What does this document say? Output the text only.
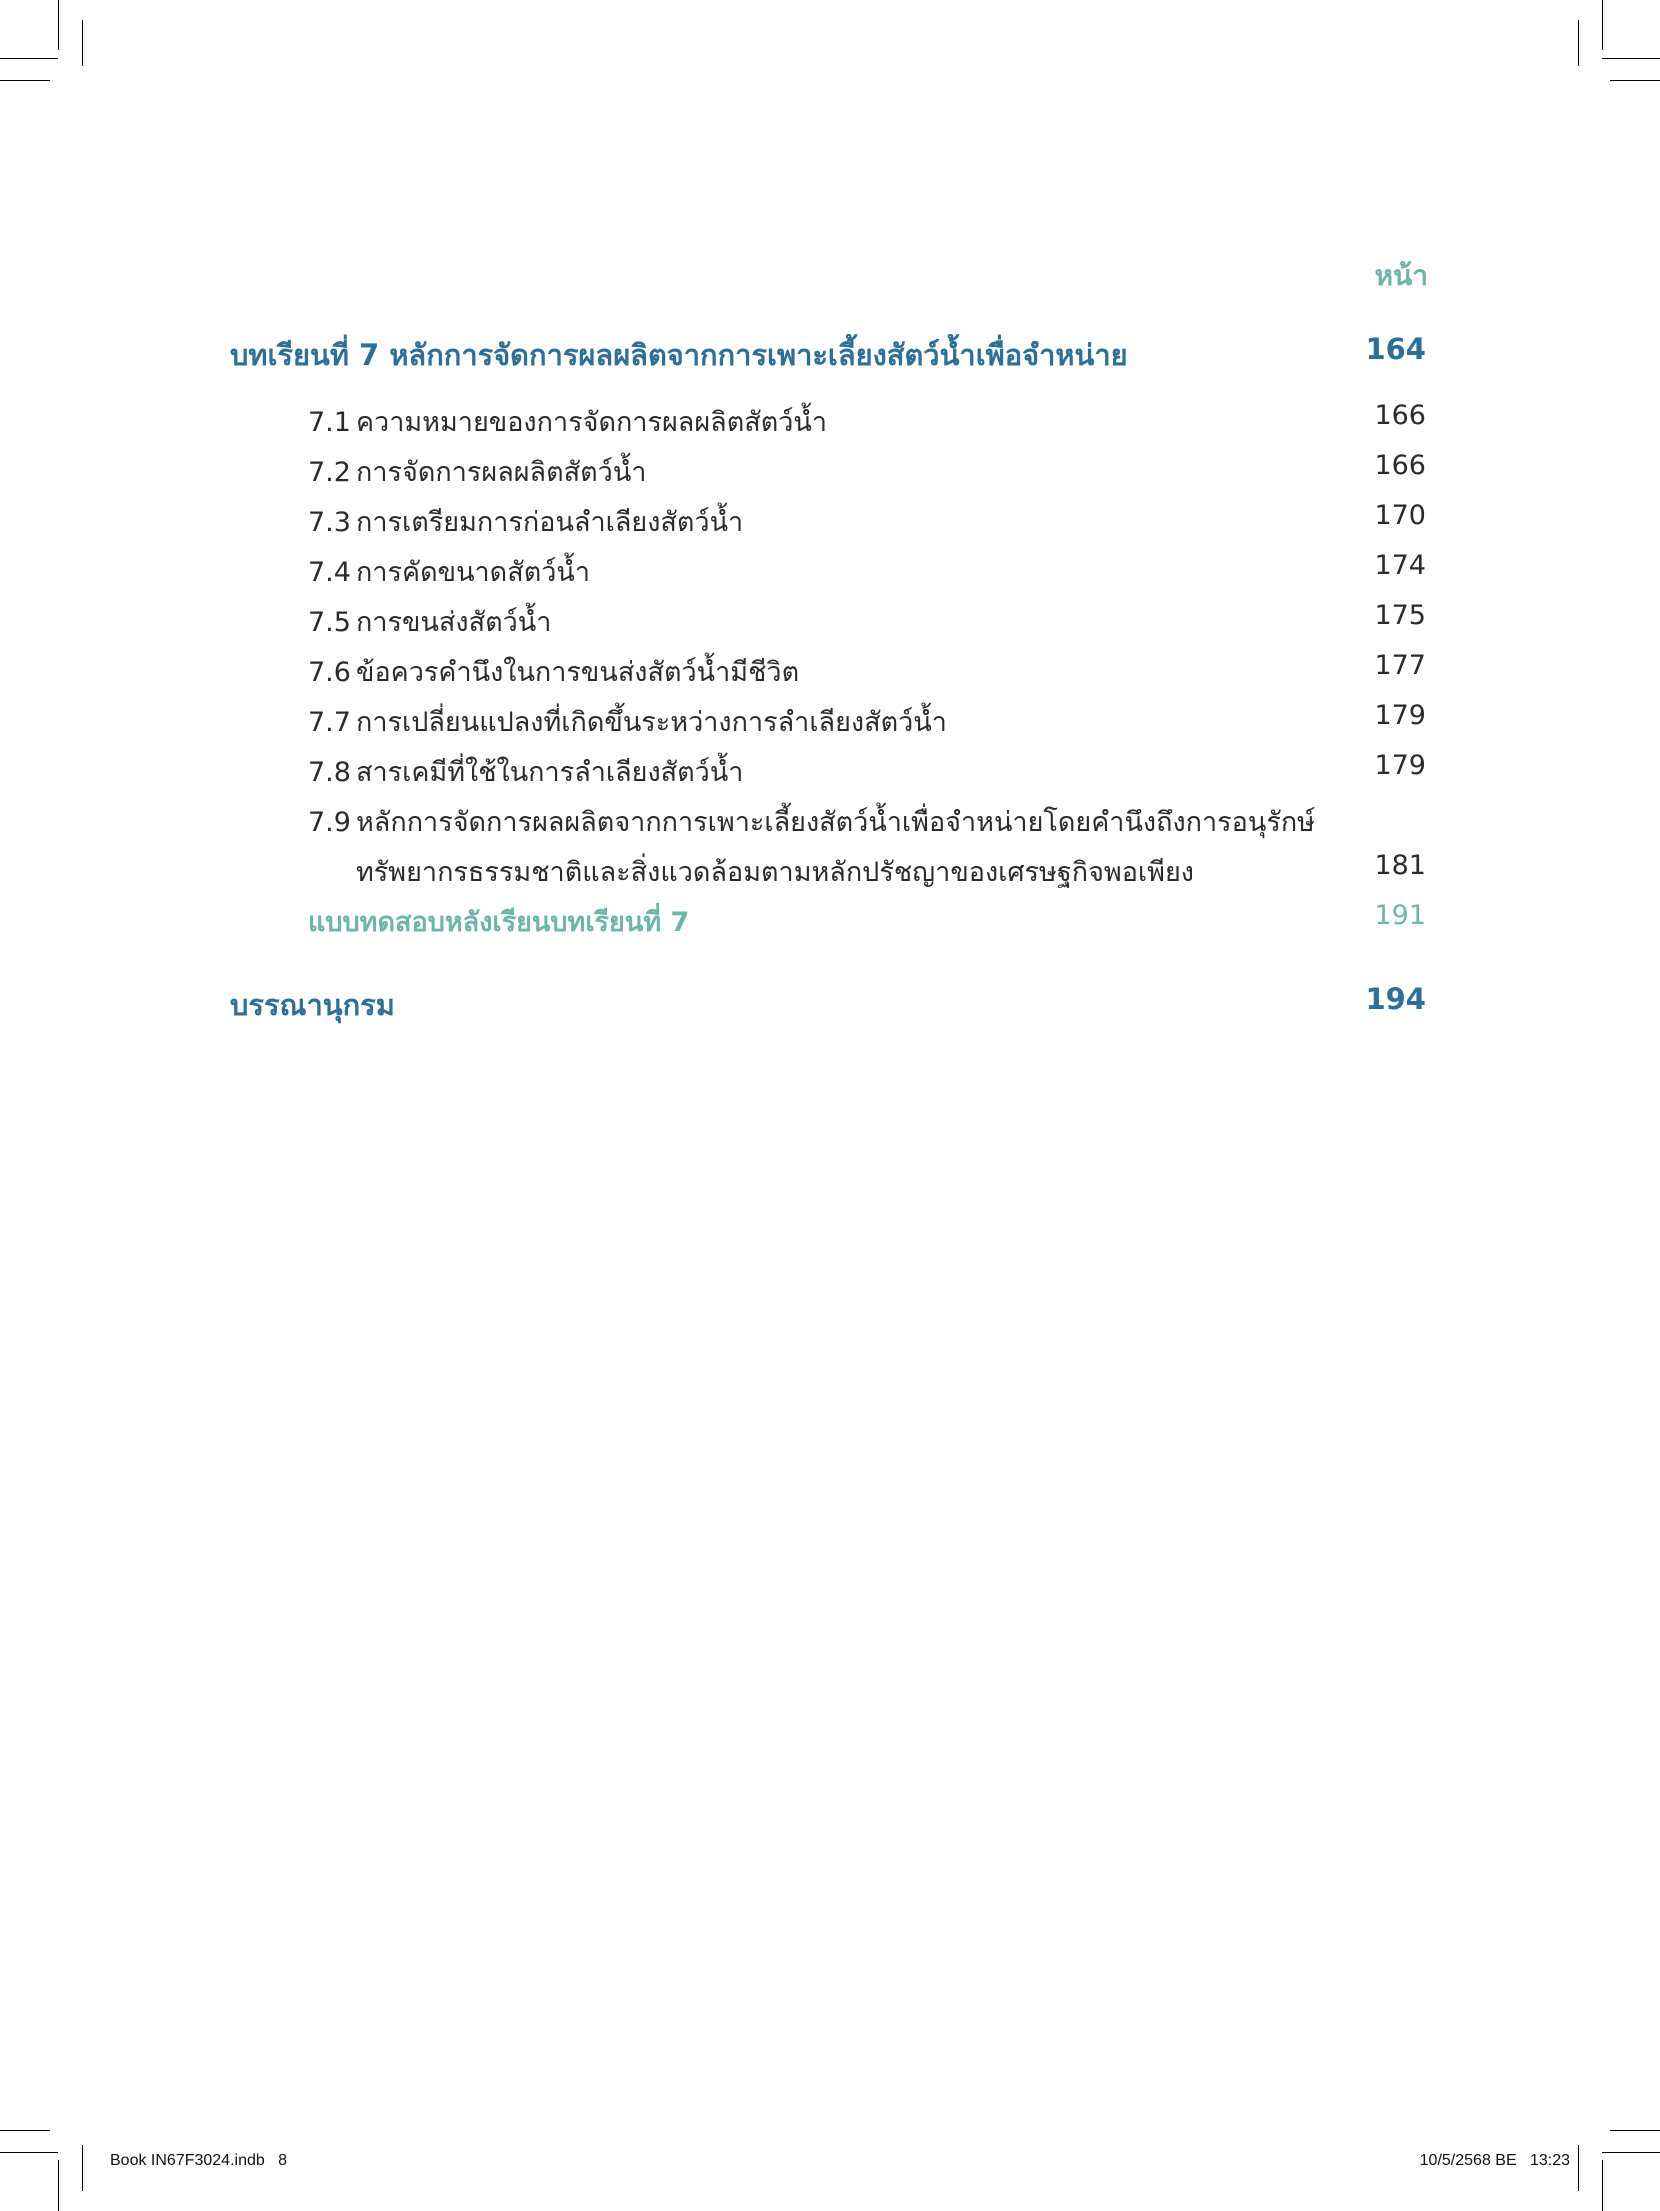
หน้า
บทเรียนที่ 7 หลักการจัดการผลผลิตจากการเพาะเลี้ยงสัตว์น้ำเพื่อจำหน่าย	164
7.1 ความหมายของการจัดการผลผลิตสัตว์น้ำ	166
7.2 การจัดการผลผลิตสัตว์น้ำ	166
7.3 การเตรียมการก่อนลำเลียงสัตว์น้ำ	170
7.4 การคัดขนาดสัตว์น้ำ	174
7.5 การขนส่งสัตว์น้ำ	175
7.6 ข้อควรคำนึงในการขนส่งสัตว์น้ำมีชีวิต	177
7.7 การเปลี่ยนแปลงที่เกิดขึ้นระหว่างการลำเลียงสัตว์น้ำ	179
7.8 สารเคมีที่ใช้ในการลำเลียงสัตว์น้ำ	179
7.9 หลักการจัดการผลผลิตจากการเพาะเลี้ยงสัตว์น้ำเพื่อจำหน่ายโดยคำนึงถึงการอนุรักษ์
ทรัพยากรธรรมชาติและสิ่งแวดล้อมตามหลักปรัชญาของเศรษฐกิจพอเพียง	181
แบบทดสอบหลังเรียนบทเรียนที่ 7	191
บรรณานุกรม	194
Book IN67F3024.indb   8	10/5/2568 BE   13:23
